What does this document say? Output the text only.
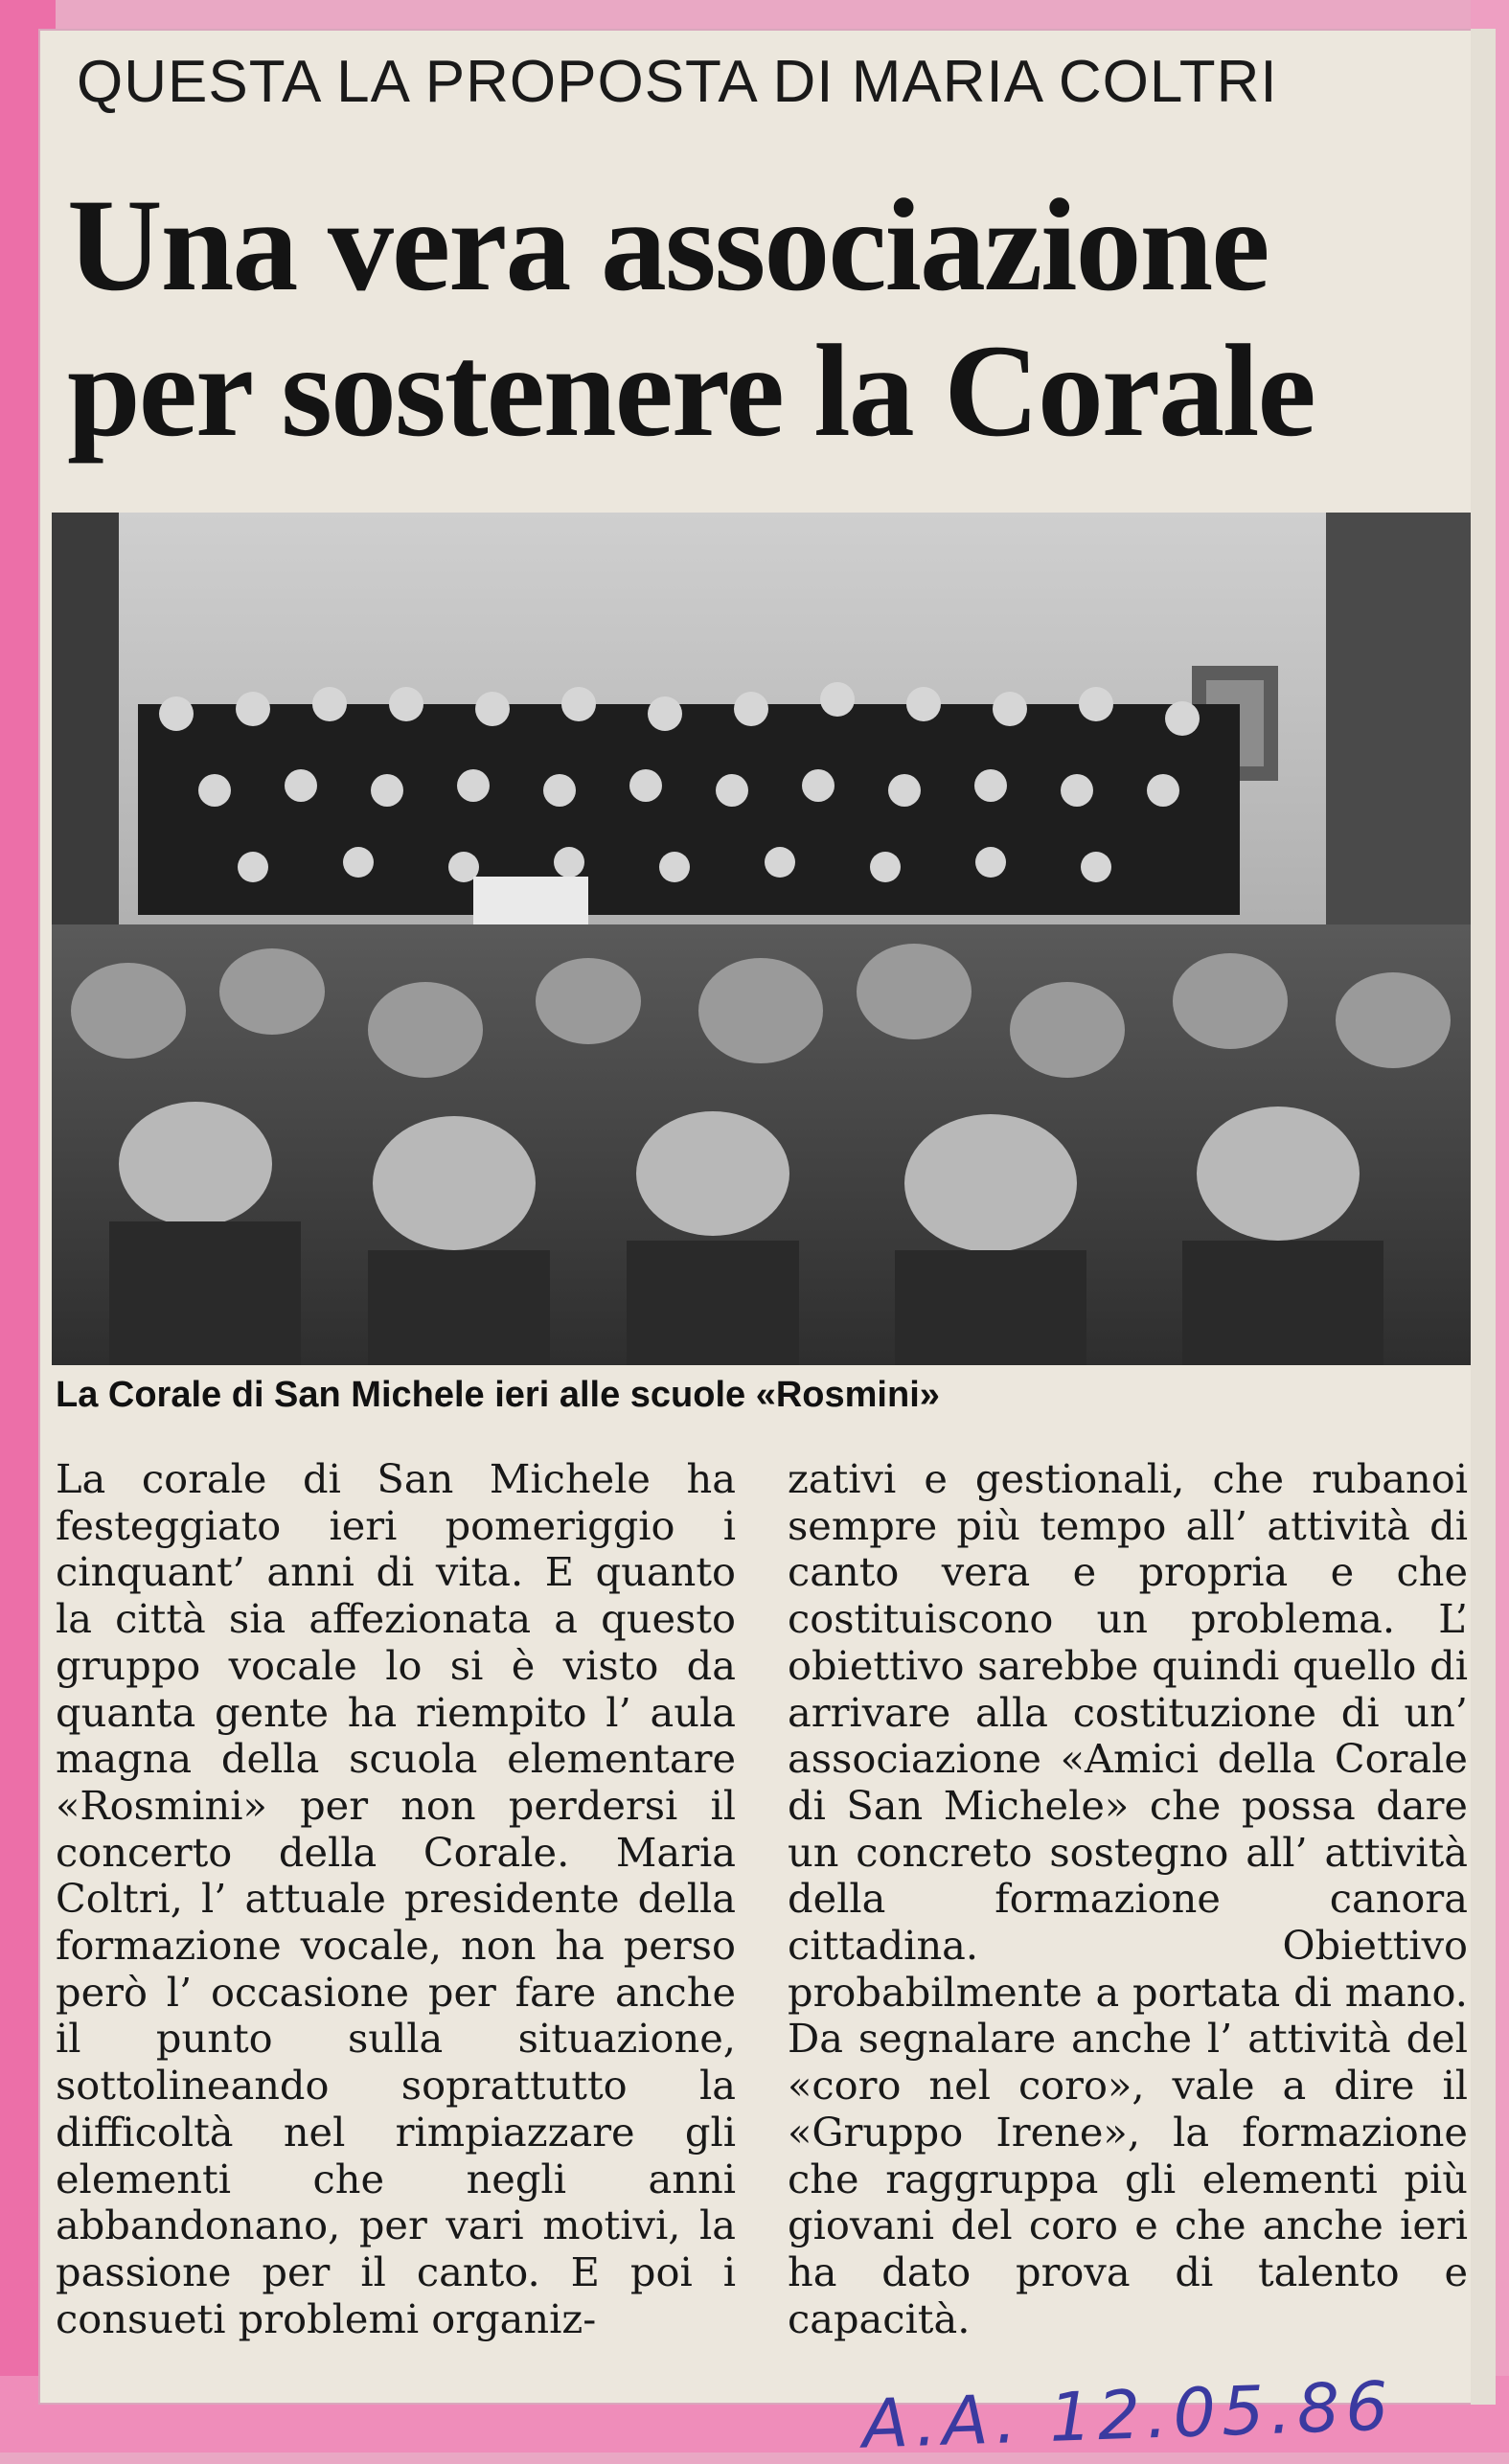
QUESTA LA PROPOSTA DI MARIA COLTRI
Una vera associazione
per sostenere la Corale
La Corale di San Michele ieri alle scuole «Rosmini»

La corale di San Michele ha festeggiato ieri pomeriggio i cinquant’ anni di vita. E quanto la città sia affezionata a questo gruppo vocale lo si è visto da quanta gente ha riempito l’ aula magna della scuola elementare «Rosmini» per non perdersi il concerto della Corale. Maria Coltri, l’ attuale presidente della formazione vocale, non ha perso però l’ occasione per fare anche il punto sulla situazione, sottolineando soprattutto la difficoltà nel rimpiazzare gli elementi che negli anni abbandonano, per vari motivi, la passione per il canto. E poi i consueti problemi organiz-

zativi e gestionali, che rubanoi sempre più tempo all’ attività di canto vera e propria e che costituiscono un problema. L’ obiettivo sarebbe quindi quello di arrivare alla costituzione di un’ associazione «Amici della Corale di San Michele» che possa dare un concreto sostegno all’ attività della formazione canora cittadina. Obiettivo probabilmente a portata di mano. Da segnalare anche l’ attività del «coro nel coro», vale a dire il «Gruppo Irene», la formazione che raggruppa gli elementi più giovani del coro e che anche ieri ha dato prova di talento e capacità.

A.A. 12.05.86
